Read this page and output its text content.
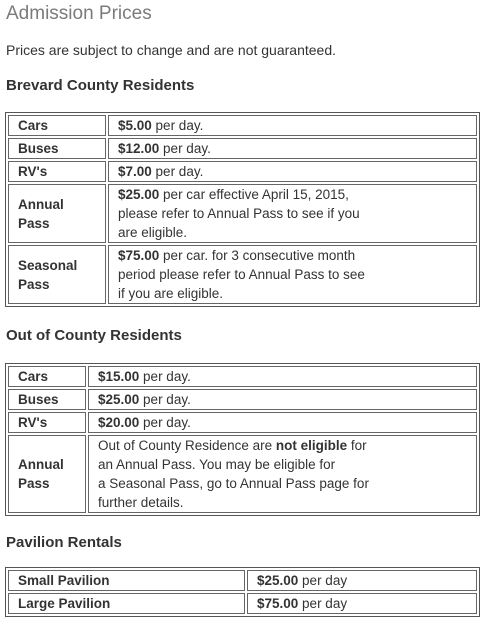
Admission Prices

Prices are subject to change and are not guaranteed.

Brevard County Residents
Cars	$5.00 per day.
Buses	$12.00 per day.
RV's	$7.00 per day.
Annual
Pass	$25.00 per car effective April 15, 2015,
please refer to Annual Pass to see if you
are eligible.
Seasonal
Pass	$75.00 per car. for 3 consecutive month
period please refer to Annual Pass to see
if you are eligible.
Out of County Residents
Cars	$15.00 per day.
Buses	$25.00 per day.
RV's	$20.00 per day.
Annual
Pass	Out of County Residence are not eligible for
an Annual Pass. You may be eligible for
a Seasonal Pass, go to Annual Pass page for
further details.
Pavilion Rentals
Small Pavilion	$25.00 per day
Large Pavilion	$75.00 per day
